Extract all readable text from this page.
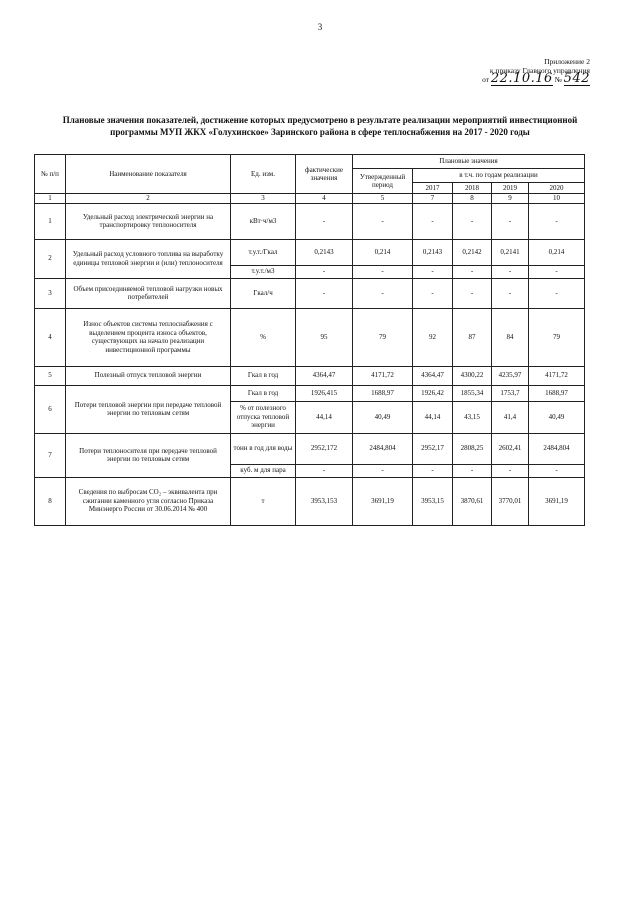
3
Приложение 2
к приказу Главного управления
от 22.10.16 № 542
Плановые значения показателей, достижение которых предусмотрено в результате реализации мероприятий инвестиционной программы МУП ЖКХ «Голухинское» Заринского района в сфере теплоснабжения на 2017 - 2020 годы
№ п/п	Наименование показателя	Ед. изм.	фактические значения	Плановые значения				
				Утвержденный период	в т.ч. по годам реализации			
					2017	2018	2019	2020
1	2	3	4	5	7	8	9	10
1	Удельный расход электрической энергии на транспортировку теплоносителя	кВт·ч/м3	-	-	-	-	-	-
2	Удельный расход условного топлива на выработку единицы тепловой энергии и (или) теплоносителя	т.у.т./Гкал	0,2143	0,214	0,2143	0,2142	0,2141	0,214
		т.у.т./м3	-	-	-	-	-	-
3	Объем присоединяемой тепловой нагрузки новых потребителей	Гкал/ч	-	-	-	-	-	-
4	Износ объектов системы теплоснабжения с выделением процента износа объектов, существующих на начало реализации инвестиционной программы	%	95	79	92	87	84	79
5	Полезный отпуск тепловой энергии	Гкал в год	4364,47	4171,72	4364,47	4300,22	4235,97	4171,72
6	Потери тепловой энергии при передаче тепловой энергии по тепловым сетям	Гкал в год	1926,415	1688,97	1926,42	1855,34	1753,7	1688,97
		% от полезного отпуска тепловой энергии	44,14	40,49	44,14	43,15	41,4	40,49
7	Потери теплоносителя при передаче тепловой энергии по тепловым сетям	тонн в год для воды	2952,172	2484,804	2952,17	2808,25	2602,41	2484,804
		куб. м для пара	-	-	-	-	-	-
8	Сведения по выбросам CO₂ – эквивалента при сжигании каменного угля согласно Приказа Минэнерго России от 30.06.2014 № 400	т	3953,153	3691,19	3953,15	3870,61	3770,01	3691,19
